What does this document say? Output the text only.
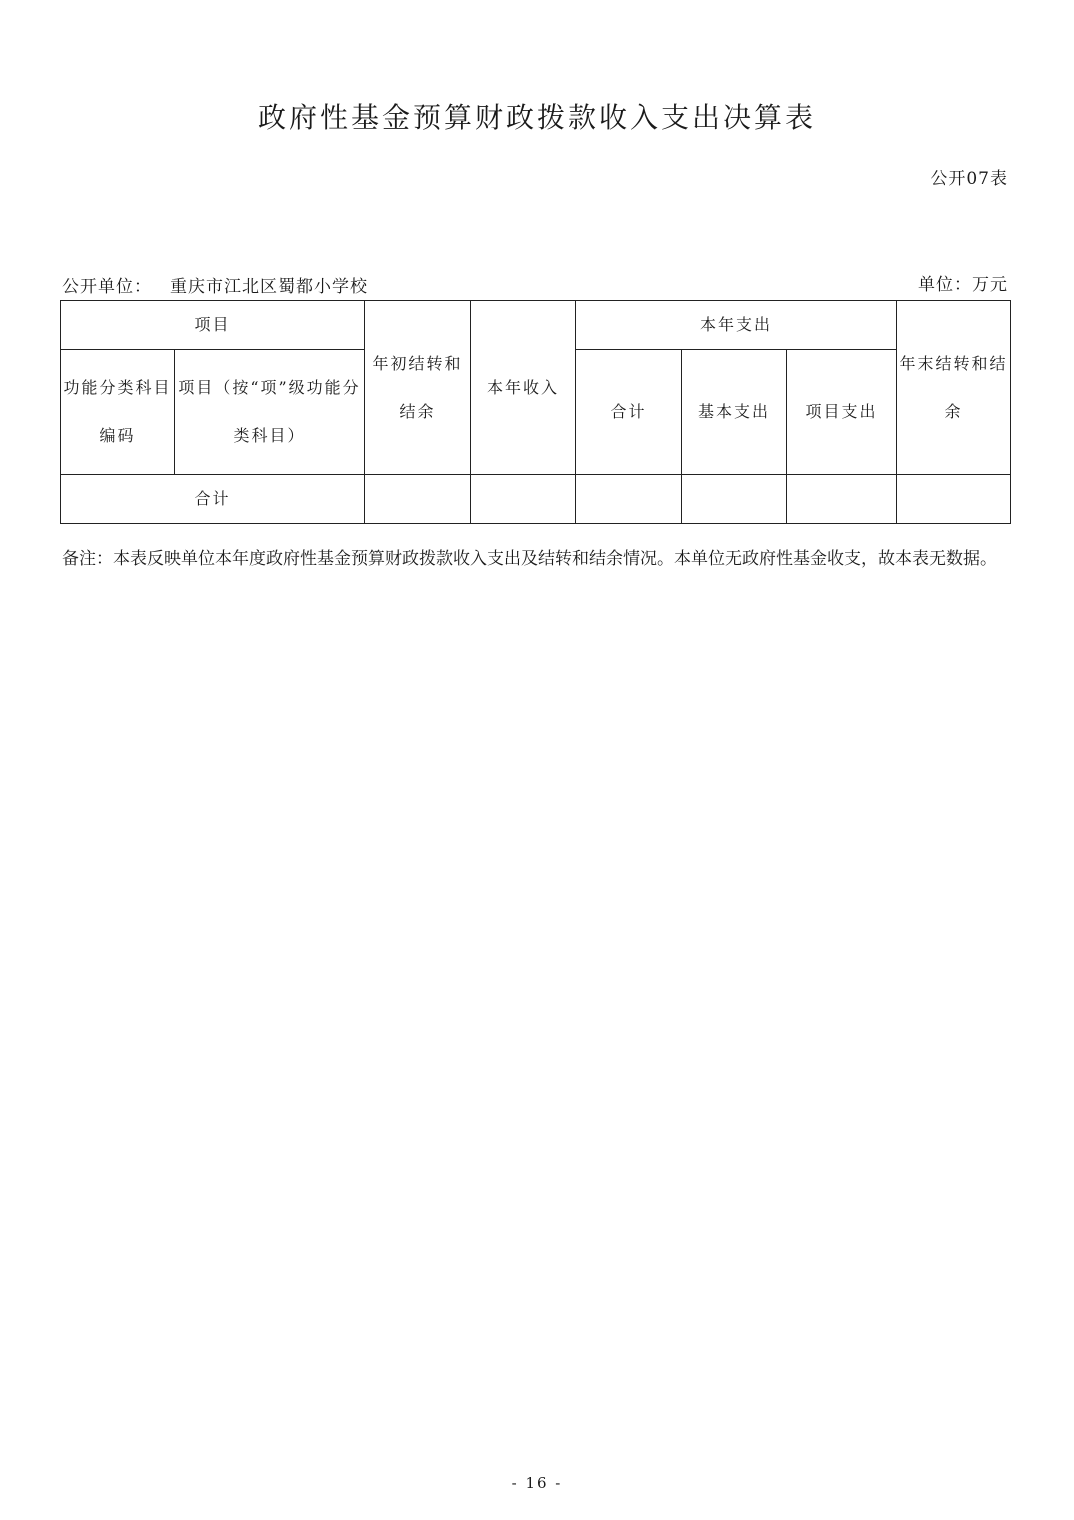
政府性基金预算财政拨款收入支出决算表
公开07表
公开单位： 重庆市江北区蜀都小学校	单位：万元
项目		年初结转和结余	本年收入	本年支出			年末结转和结余
功能分类科目编码	项目（按“项”级功能分类科目）			合计	基本支出	项目支出	
合计							

备注：本表反映单位本年度政府性基金预算财政拨款收入支出及结转和结余情况。本单位无政府性基金收支，故本表无数据。

- 16 -
